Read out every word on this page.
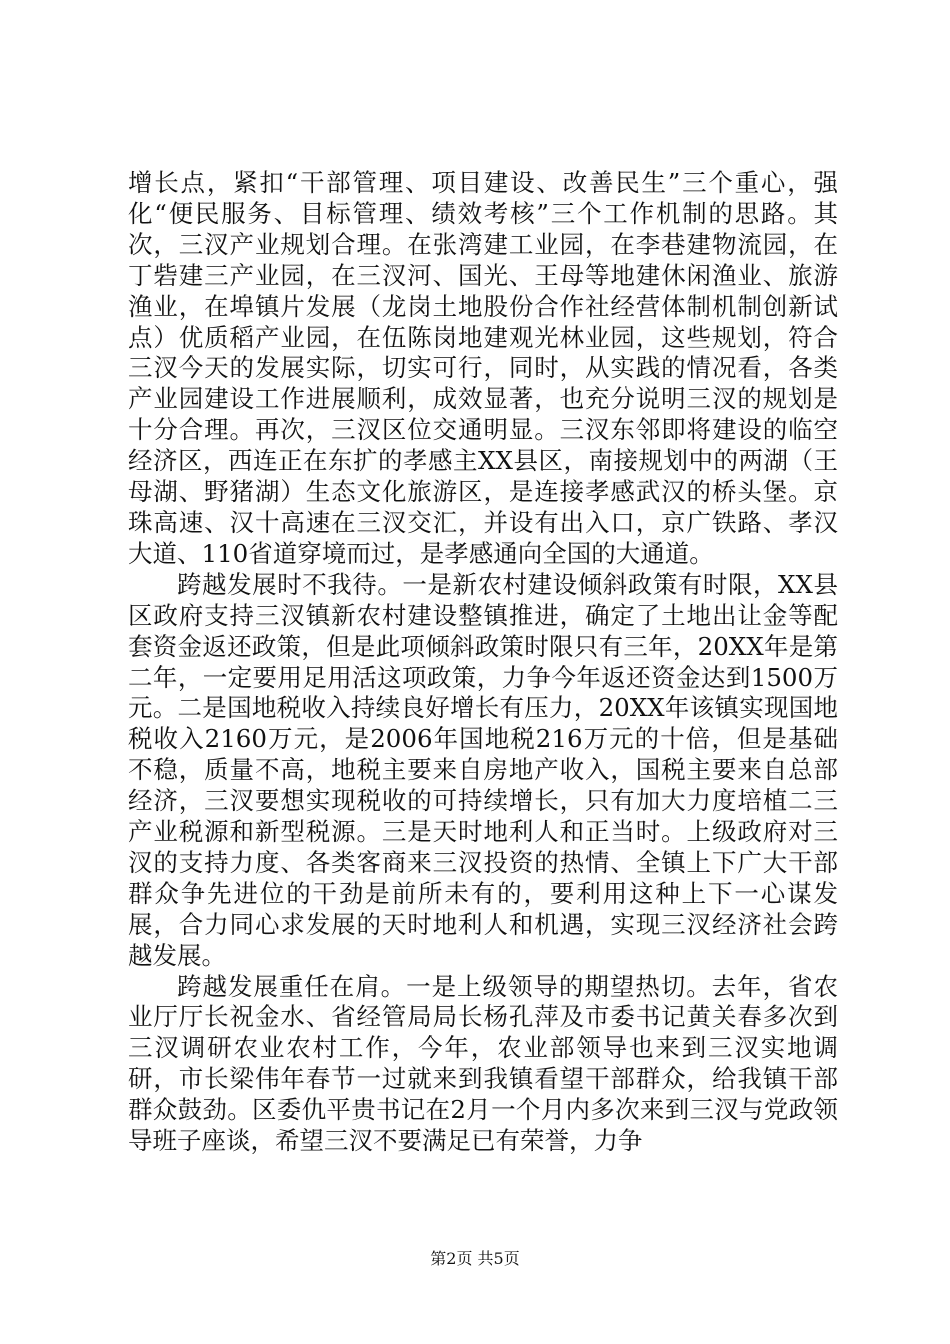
增长点，紧扣“干部管理、项目建设、改善民生”三个重心，强化“便民服务、目标管理、绩效考核”三个工作机制的思路。其次，三汊产业规划合理。在张湾建工业园，在李巷建物流园，在丁砦建三产业园，在三汊河、国光、王母等地建休闲渔业、旅游渔业，在埠镇片发展（龙岗土地股份合作社经营体制机制创新试点）优质稻产业园，在伍陈岗地建观光林业园，这些规划，符合三汊今天的发展实际，切实可行，同时，从实践的情况看，各类产业园建设工作进展顺利，成效显著，也充分说明三汊的规划是十分合理。再次，三汊区位交通明显。三汊东邻即将建设的临空经济区，西连正在东扩的孝感主XX县区，南接规划中的两湖（王母湖、野猪湖）生态文化旅游区，是连接孝感武汉的桥头堡。京珠高速、汉十高速在三汊交汇，并设有出入口，京广铁路、孝汉大道、110省道穿境而过，是孝感通向全国的大通道。

跨越发展时不我待。一是新农村建设倾斜政策有时限，XX县区政府支持三汊镇新农村建设整镇推进，确定了土地出让金等配套资金返还政策，但是此项倾斜政策时限只有三年，20XX年是第二年，一定要用足用活这项政策，力争今年返还资金达到1500万元。二是国地税收入持续良好增长有压力，20XX年该镇实现国地税收入2160万元，是2006年国地税216万元的十倍，但是基础不稳，质量不高，地税主要来自房地产收入，国税主要来自总部经济，三汊要想实现税收的可持续增长，只有加大力度培植二三产业税源和新型税源。三是天时地利人和正当时。上级政府对三汊的支持力度、各类客商来三汊投资的热情、全镇上下广大干部群众争先进位的干劲是前所未有的，要利用这种上下一心谋发展，合力同心求发展的天时地利人和机遇，实现三汊经济社会跨越发展。

跨越发展重任在肩。一是上级领导的期望热切。去年，省农业厅厅长祝金水、省经管局局长杨孔萍及市委书记黄关春多次到三汊调研农业农村工作，今年，农业部领导也来到三汊实地调研，市长梁伟年春节一过就来到我镇看望干部群众，给我镇干部群众鼓劲。区委仇平贵书记在2月一个月内多次来到三汊与党政领导班子座谈，希望三汊不要满足已有荣誉，力争

第2页 共5页
